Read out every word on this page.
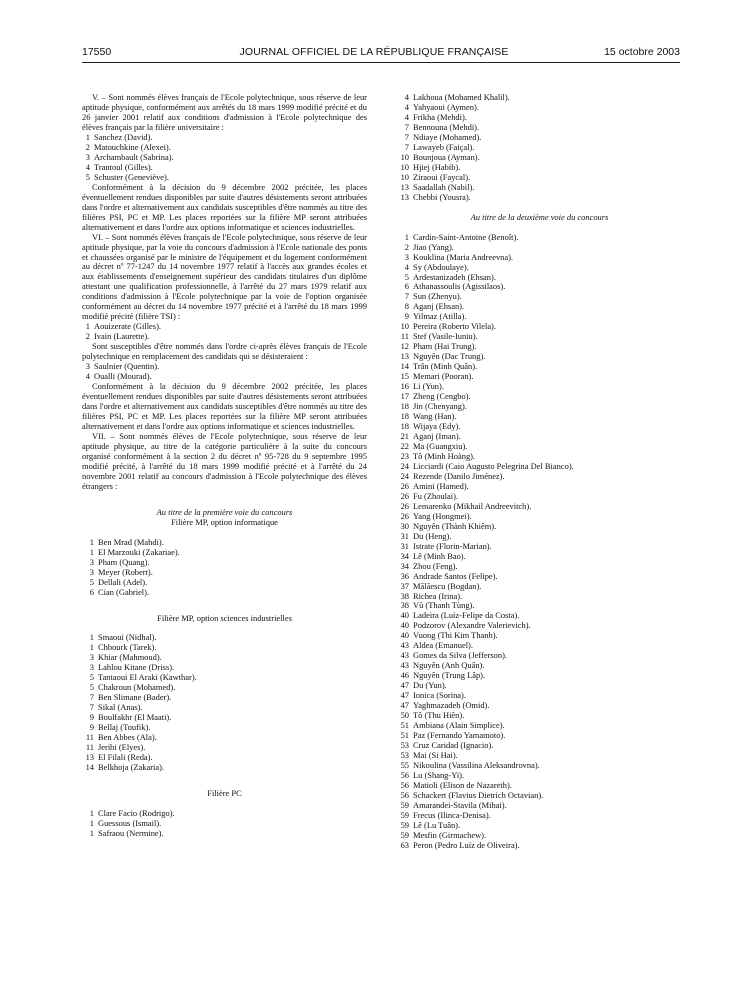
17550	JOURNAL OFFICIEL DE LA RÉPUBLIQUE FRANÇAISE	15 octobre 2003

V. – Sont nommés élèves français de l'Ecole polytechnique, sous réserve de leur aptitude physique, conformément aux arrêtés du 18 mars 1999 modifié précité et du 26 janvier 2001 relatif aux conditions d'admission à l'Ecole polytechnique des élèves français par la filière universitaire :

1 Sanchez (David).
2 Matouchkine (Alexei).
3 Archambault (Sabrina).
4 Trantoul (Gilles).
5 Schuster (Geneviève).

Conformément à la décision du 9 décembre 2002 précitée, les places éventuellement rendues disponibles par suite d'autres désistements seront attribuées dans l'ordre et alternativement aux candidats susceptibles d'être nommés au titre des filières PSI, PC et MP. Les places reportées sur la filière MP seront attribuées alternativement et dans l'ordre aux options informatique et sciences industrielles.

VI. – Sont nommés élèves français de l'Ecole polytechnique, sous réserve de leur aptitude physique, par la voie du concours d'admission à l'Ecole nationale des ponts et chaussées organisé par le ministre de l'équipement et du logement conformément au décret nº 77-1247 du 14 novembre 1977 relatif à l'accès aux grandes écoles et aux établissements d'enseignement supérieur des candidats titulaires d'un diplôme attestant une qualification professionnelle, à l'arrêté du 27 mars 1979 relatif aux conditions d'admission à l'Ecole polytechnique par la voie de l'option organisée conformément au décret du 14 novembre 1977 précité et à l'arrêté du 18 mars 1999 modifié précité (filière TSI) :

1 Aouizerate (Gilles).
2 Ivain (Laurette).

Sont susceptibles d'être nommés dans l'ordre ci-après élèves français de l'Ecole polytechnique en remplacement des candidats qui se désisteraient :

3 Saulnier (Quentin).
4 Oualli (Mourad).

Conformément à la décision du 9 décembre 2002 précitée, les places éventuellement rendues disponibles par suite d'autres désistements seront attribuées dans l'ordre et alternativement aux candidats susceptibles d'être nommés au titre des filières PSI, PC et MP. Les places reportées sur la filière MP seront attribuées alternativement et dans l'ordre aux options informatique et sciences industrielles.

VII. – Sont nommés élèves de l'Ecole polytechnique, sous réserve de leur aptitude physique, au titre de la catégorie particulière à la suite du concours organisé conformément à la section 2 du décret nº 95-728 du 9 septembre 1995 modifié précité, à l'arrêté du 18 mars 1999 modifié précité et à l'arrêté du 24 novembre 2001 relatif au concours d'admission à l'Ecole polytechnique des élèves étrangers :

Au titre de la première voie du concours

Filière MP, option informatique

1 Ben Mrad (Mahdi).
1 El Marzouki (Zakariae).
3 Pham (Quang).
3 Meyer (Robert).
5 Dellali (Adel).
6 Cian (Gabriel).

Filière MP, option sciences industrielles

1 Smaoui (Nidhal).
1 Chbourk (Tarek).
3 Khiar (Mahmoud).
3 Lahlou Kitane (Driss).
5 Tantaoui El Araki (Kawthar).
5 Chakroun (Mohamed).
7 Ben Slimane (Bader).
7 Sikal (Anas).
9 Boulfakhr (El Maati).
9 Bellaj (Toufik).
11 Ben Abbes (Ala).
11 Jeribi (Elyes).
13 El Filali (Reda).
14 Belkhoja (Zakaria).

Filière PC

1 Clare Facio (Rodrigo).
1 Guessous (Ismail).
1 Safraou (Nermine).
4 Lakhoua (Mohamed Khalil).
4 Yahyaoui (Aymen).
4 Frikha (Mehdi).
7 Bennouna (Mehdi).
7 Ndiaye (Mohamed).
7 Lawayeb (Faiçal).
10 Bounjoua (Ayman).
10 Hjiej (Habib).
10 Ziraoui (Faycal).
13 Saadallah (Nabil).
13 Chebbi (Yousra).

Au titre de la deuxième voie du concours

1 Cardin-Saint-Antoine (Benoît).
2 Jiao (Yang).
3 Kouklina (Maria Andreevna).
4 Sy (Abdoulaye).
5 Ardestanizadeh (Ehsan).
6 Athanassoulis (Agissilaos).
7 Sun (Zhenyu).
8 Aganj (Ehsan).
9 Yilmaz (Atilla).
10 Pereira (Roberto Vilela).
11 Stef (Vasile-Iuniu).
12 Pham (Hai Trung).
13 Nguyên (Dac Trung).
14 Trân (Minh Quân).
15 Memari (Pooran).
16 Li (Yun).
17 Zheng (Cengbo).
18 Jin (Chenyang).
18 Wang (Han).
18 Wijaya (Edy).
21 Aganj (Iman).
22 Ma (Guangxiu).
23 Tô (Minh Hoàng).
24 Licciardi (Caio Augusto Pelegrina Del Bianco).
24 Rezende (Danilo Jiménez).
26 Amini (Hamed).
26 Fu (Zhoulai).
26 Lemarenko (Mikhail Andreevitch).
26 Yang (Hongmei).
30 Nguyên (Thành Khiêm).
31 Du (Heng).
31 Istrate (Florin-Marian).
34 Lê (Minh Bao).
34 Zhou (Feng).
36 Andrade Santos (Felipe).
37 Mălăescu (Bogdan).
38 Richea (Irina).
38 Vũ (Thanh Tùng).
40 Ladeira (Luíz-Felipe da Costa).
40 Podzorov (Alexandre Valerievich).
40 Vuong (Thi Kim Thanh).
43 Aldea (Emanuel).
43 Gomes da Silva (Jefferson).
43 Nguyên (Anh Quân).
46 Nguyên (Trung Lâp).
47 Du (Yun).
47 Ionica (Sorina).
47 Yaghmazadeh (Omid).
50 Tô (Thu Hiên).
51 Ambiana (Alain Simplice).
51 Paz (Fernando Yamamoto).
53 Cruz Caridad (Ignacio).
53 Mai (Si Hai).
55 Nikoulina (Vassilina Aleksandrovna).
56 Lu (Shang-Yi).
56 Matioli (Elison de Nazareth).
56 Schackert (Flavius Dietrich Octavian).
59 Amarandei-Stavila (Mihai).
59 Frecus (Ilinca-Denisa).
59 Lê (Lu Tuân).
59 Mesfin (Girmachew).
63 Peron (Pedro Luíz de Oliveira).
